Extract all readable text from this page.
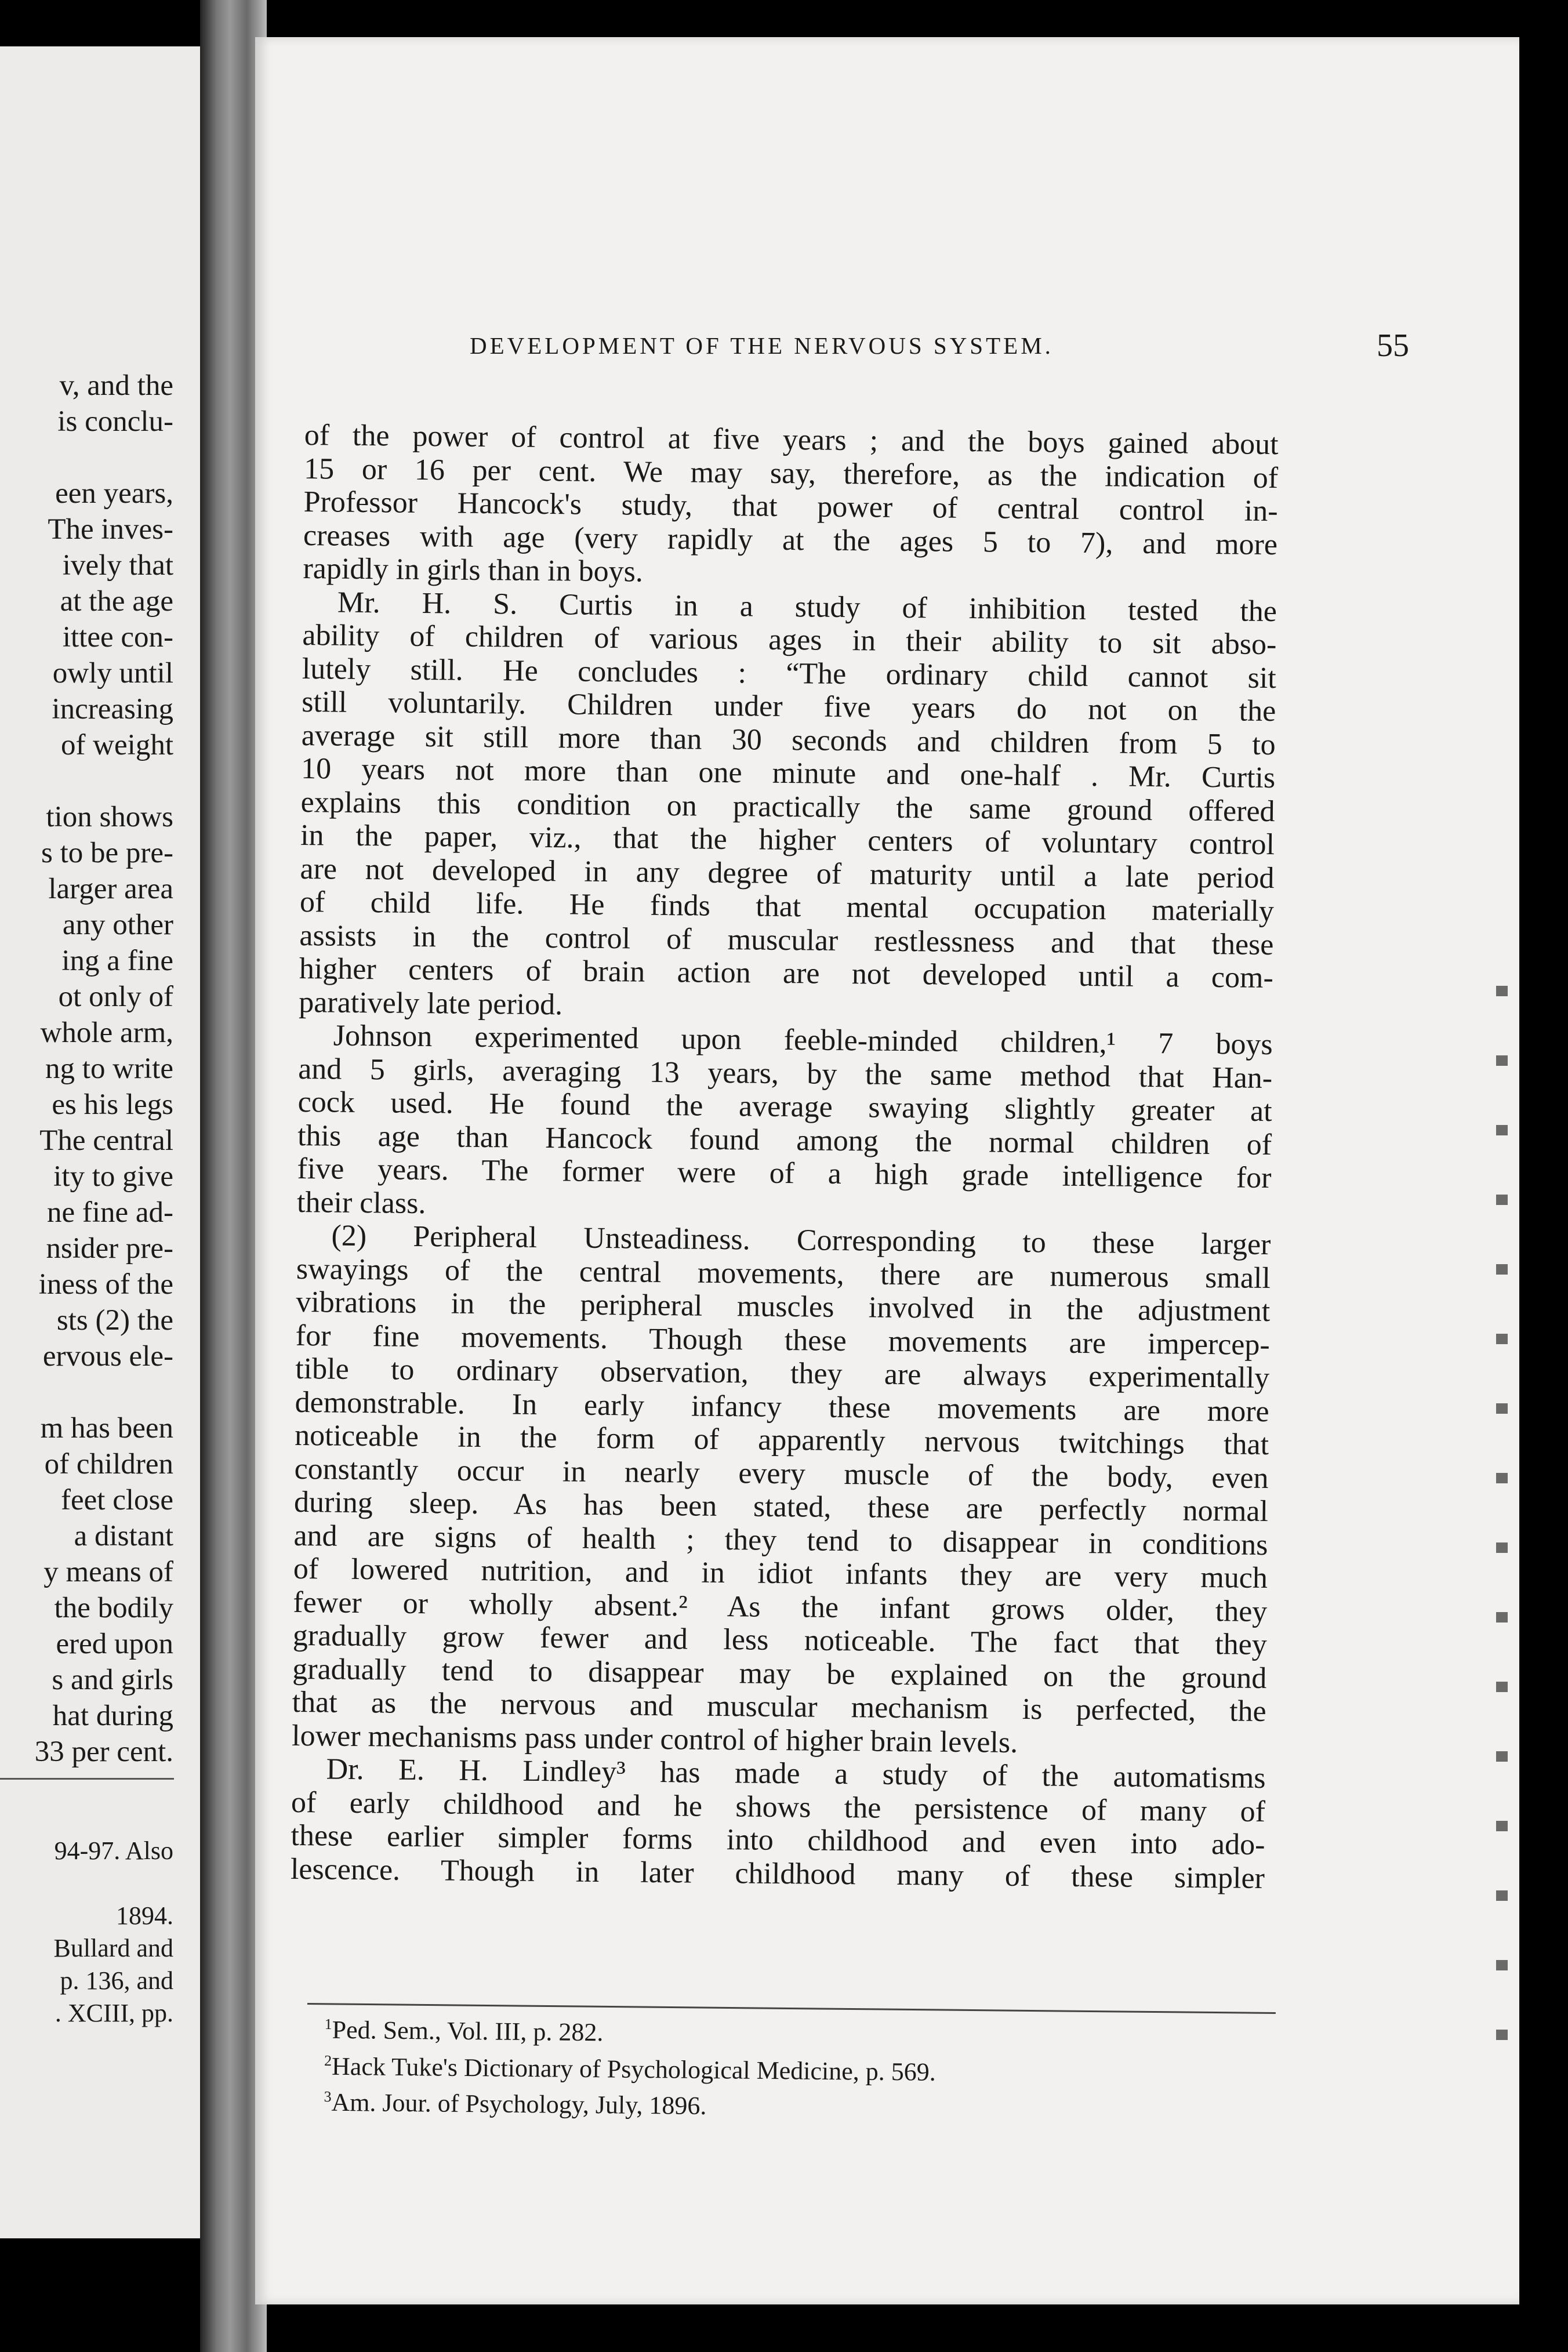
v, and the
is conclu-
een years,
The inves-
ively that
at the age
ittee con-
owly until
increasing
of weight
tion shows
s to be pre-
larger area
any other
ing a fine
ot only of
whole arm,
ng to write
es his legs
The central
ity to give
ne fine ad-
nsider pre-
iness of the
sts (2) the
ervous ele-
m has been
of children
feet close
a distant
y means of
the bodily
ered upon
s and girls
hat during
33 per cent.
94-97. Also
1894.
Bullard and
p. 136, and
. XCIII, pp.
DEVELOPMENT OF THE NERVOUS SYSTEM.	55
of the power of control at five years ; and the boys gained about
15 or 16 per cent. We may say, therefore, as the indication of
Professor Hancock's study, that power of central control in-
creases with age (very rapidly at the ages 5 to 7), and more
rapidly in girls than in boys.
Mr. H. S. Curtis in a study of inhibition tested the
ability of children of various ages in their ability to sit abso-
lutely still. He concludes : “The ordinary child cannot sit
still voluntarily. Children under five years do not on the
average sit still more than 30 seconds and children from 5 to
10 years not more than one minute and one-half . Mr. Curtis
explains this condition on practically the same ground offered
in the paper, viz., that the higher centers of voluntary control
are not developed in any degree of maturity until a late period
of child life. He finds that mental occupation materially
assists in the control of muscular restlessness and that these
higher centers of brain action are not developed until a com-
paratively late period.
Johnson experimented upon feeble-minded children,¹ 7 boys
and 5 girls, averaging 13 years, by the same method that Han-
cock used. He found the average swaying slightly greater at
this age than Hancock found among the normal children of
five years. The former were of a high grade intelligence for
their class.
(2) Peripheral Unsteadiness. Corresponding to these larger
swayings of the central movements, there are numerous small
vibrations in the peripheral muscles involved in the adjustment
for fine movements. Though these movements are impercep-
tible to ordinary observation, they are always experimentally
demonstrable. In early infancy these movements are more
noticeable in the form of apparently nervous twitchings that
constantly occur in nearly every muscle of the body, even
during sleep. As has been stated, these are perfectly normal
and are signs of health ; they tend to disappear in conditions
of lowered nutrition, and in idiot infants they are very much
fewer or wholly absent.² As the infant grows older, they
gradually grow fewer and less noticeable. The fact that they
gradually tend to disappear may be explained on the ground
that as the nervous and muscular mechanism is perfected, the
lower mechanisms pass under control of higher brain levels.
Dr. E. H. Lindley³ has made a study of the automatisms
of early childhood and he shows the persistence of many of
these earlier simpler forms into childhood and even into ado-
lescence. Though in later childhood many of these simpler
$^1$Ped. Sem., Vol. III, p. 282.
$^2$Hack Tuke's Dictionary of Psychological Medicine, p. 569.
$^3$Am. Jour. of Psychology, July, 1896.
